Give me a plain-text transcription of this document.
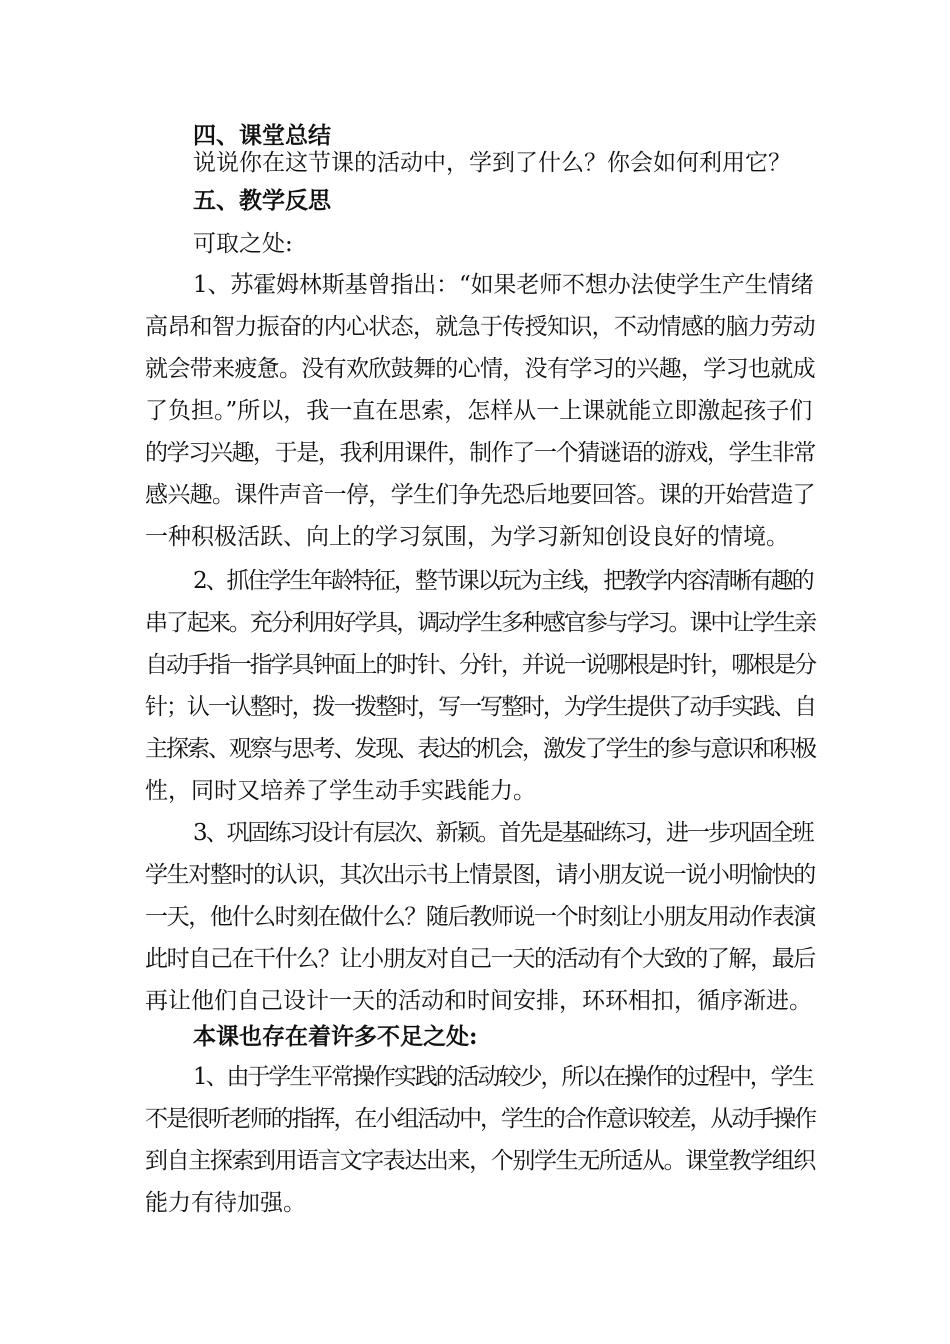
四、课堂总结
说说你在这节课的活动中，学到了什么？你会如何利用它？
五、教学反思
可取之处:
1、苏霍姆林斯基曾指出：“如果老师不想办法使学生产生情绪
高昂和智力振奋的内心状态，就急于传授知识，不动情感的脑力劳动
就会带来疲惫。没有欢欣鼓舞的心情，没有学习的兴趣，学习也就成
了负担。”所以，我一直在思索，怎样从一上课就能立即激起孩子们
的学习兴趣，于是，我利用课件，制作了一个猜谜语的游戏，学生非常
感兴趣。课件声音一停，学生们争先恐后地要回答。课的开始营造了
一种积极活跃、向上的学习氛围，为学习新知创设良好的情境。
2、抓住学生年龄特征，整节课以玩为主线，把教学内容清晰有趣的
串了起来。充分利用好学具，调动学生多种感官参与学习。课中让学生亲
自动手指一指学具钟面上的时针、分针，并说一说哪根是时针，哪根是分
针；认一认整时，拨一拨整时，写一写整时，为学生提供了动手实践、自
主探索、观察与思考、发现、表达的机会，激发了学生的参与意识和积极
性，同时又培养了学生动手实践能力。
3、巩固练习设计有层次、新颖。首先是基础练习，进一步巩固全班
学生对整时的认识，其次出示书上情景图，请小朋友说一说小明愉快的
一天，他什么时刻在做什么？随后教师说一个时刻让小朋友用动作表演
此时自己在干什么？让小朋友对自己一天的活动有个大致的了解，最后
再让他们自己设计一天的活动和时间安排，环环相扣，循序渐进。
本课也存在着许多不足之处:
1、由于学生平常操作实践的活动较少，所以在操作的过程中，学生
不是很听老师的指挥，在小组活动中，学生的合作意识较差，从动手操作
到自主探索到用语言文字表达出来，个别学生无所适从。课堂教学组织
能力有待加强。
